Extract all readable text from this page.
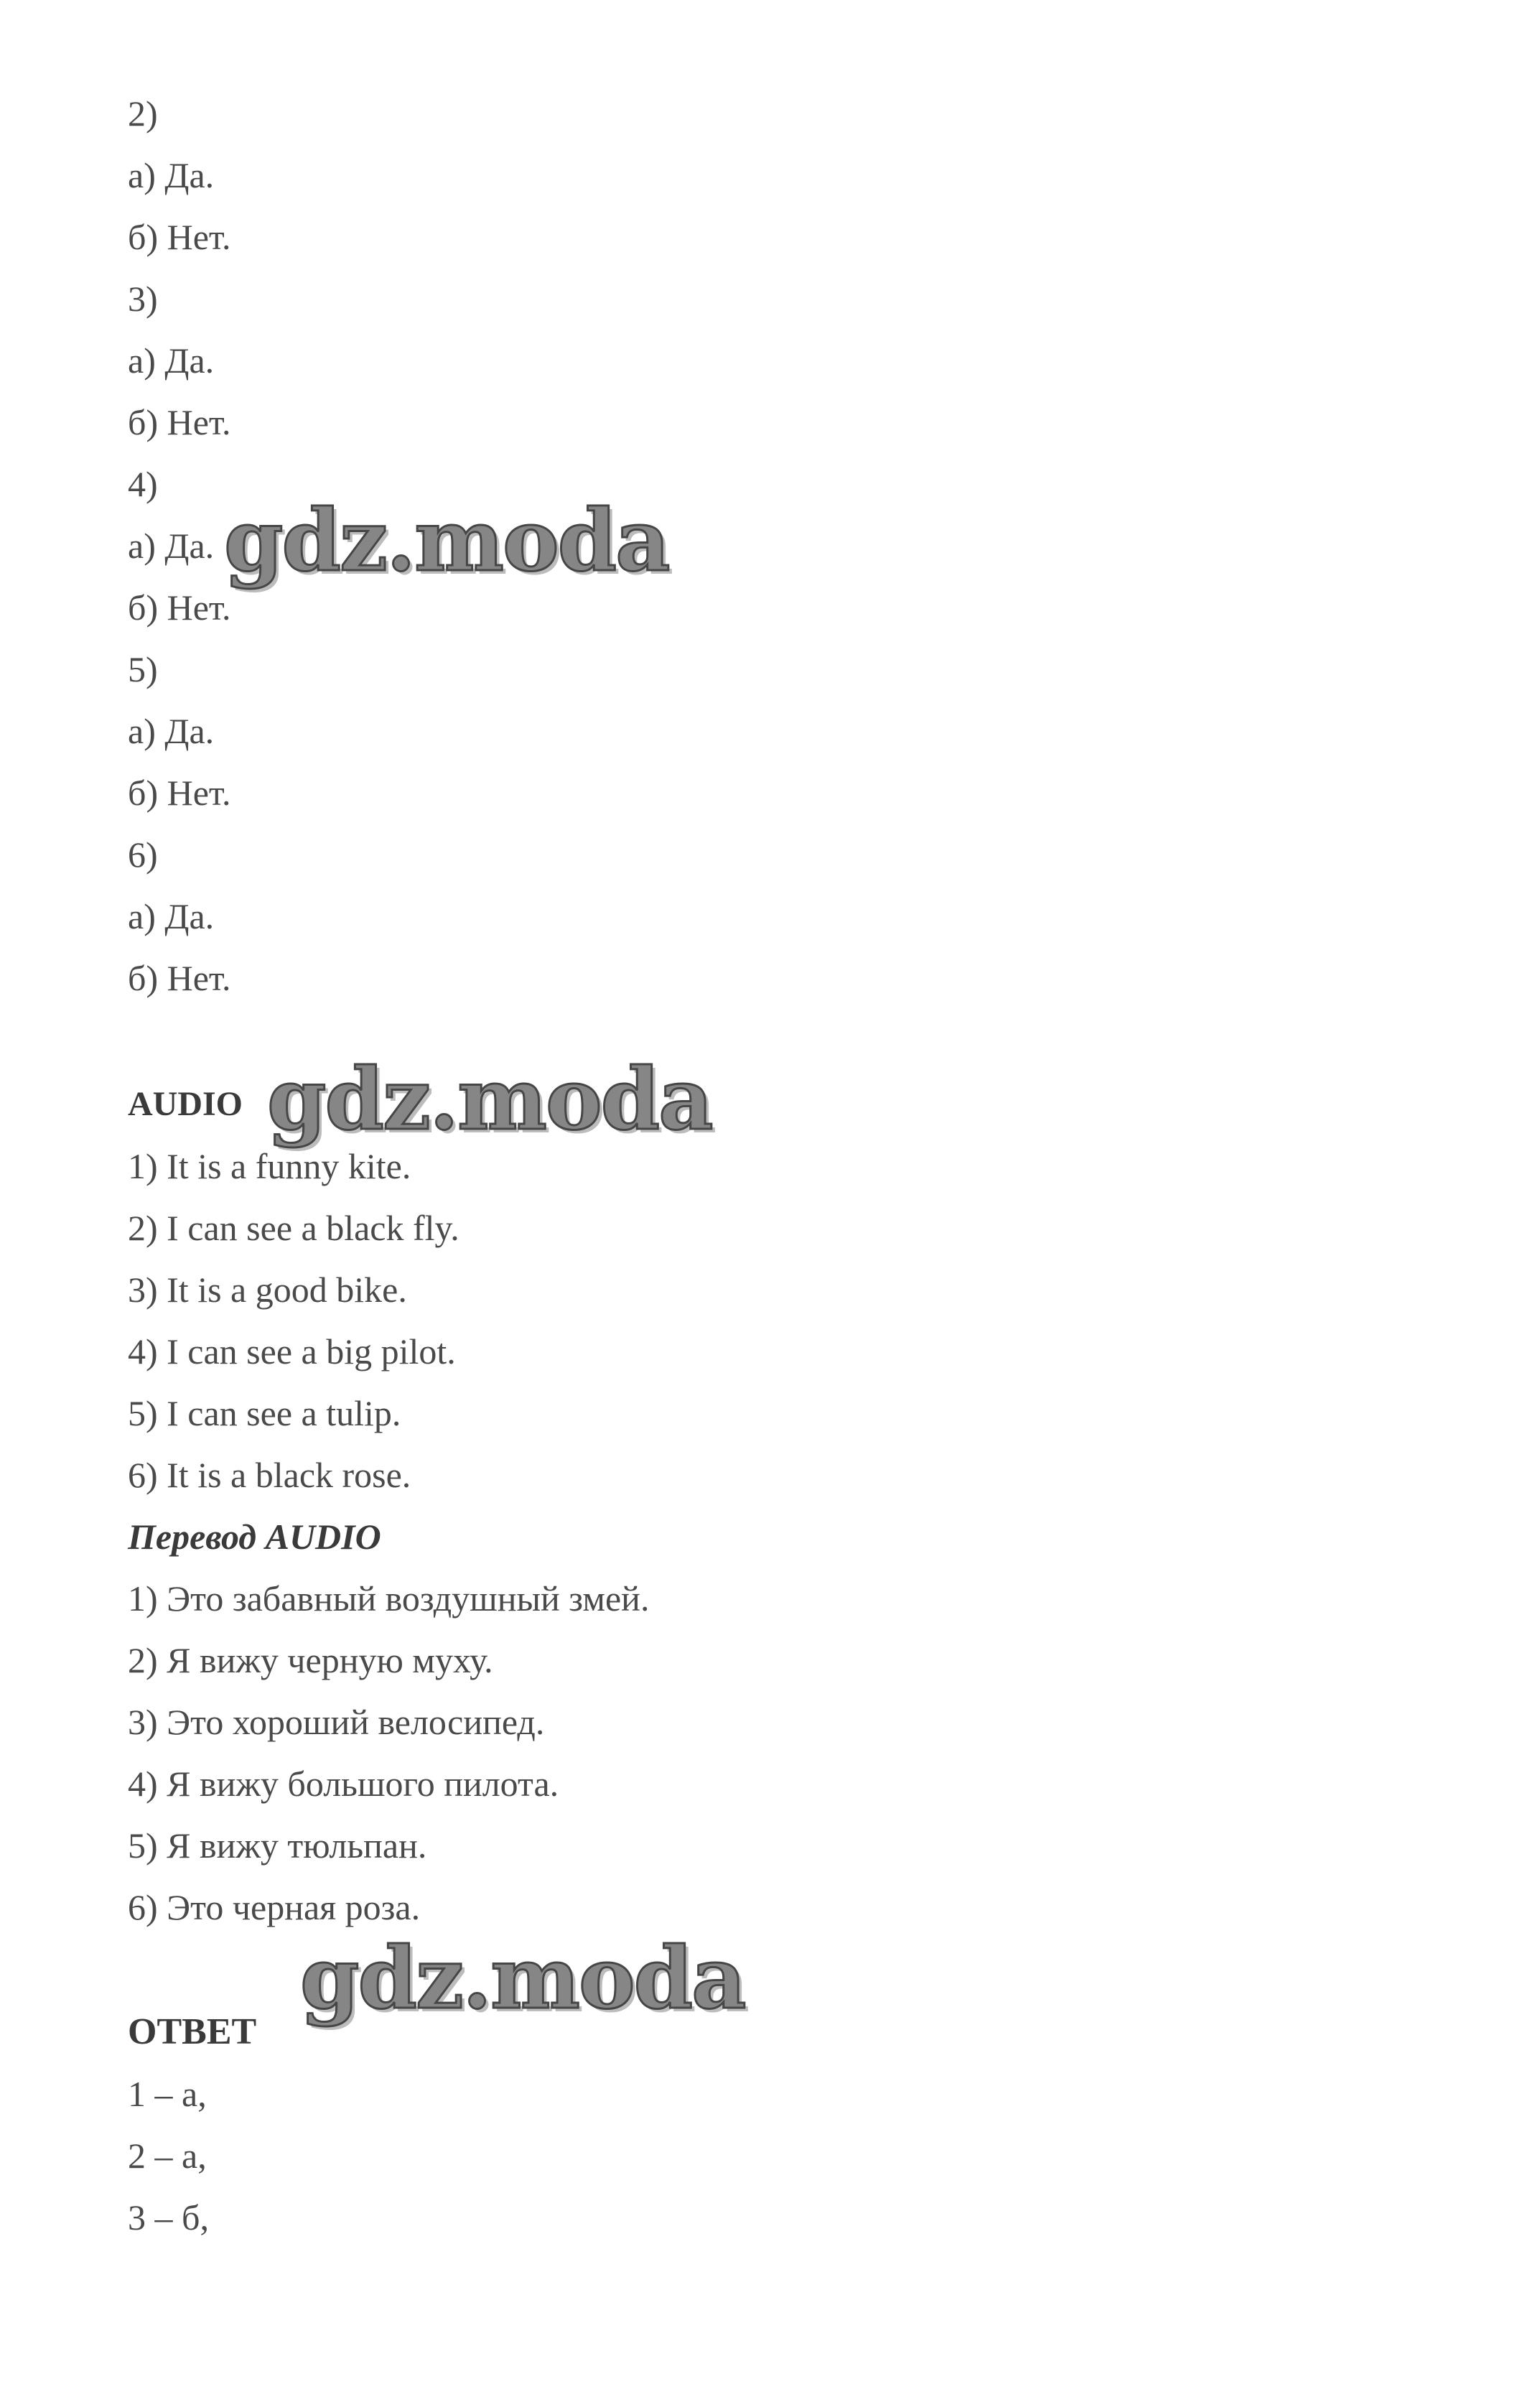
2)
а) Да.
б) Нет.
3)
а) Да.
б) Нет.
4)
а) Да.
б) Нет.
5)
а) Да.
б) Нет.
6)
а) Да.
б) Нет.
AUDIO
1) It is a funny kite.
2) I can see a black fly.
3) It is a good bike.
4) I can see a big pilot.
5) I can see a tulip.
6) It is a black rose.
Перевод AUDIO
1) Это забавный воздушный змей.
2) Я вижу черную муху.
3) Это хороший велосипед.
4) Я вижу большого пилота.
5) Я вижу тюльпан.
6) Это черная роза.
ОТВЕТ
1 – а,
2 – а,
3 – б,
gdz.moda
gdz.moda
gdz.moda
